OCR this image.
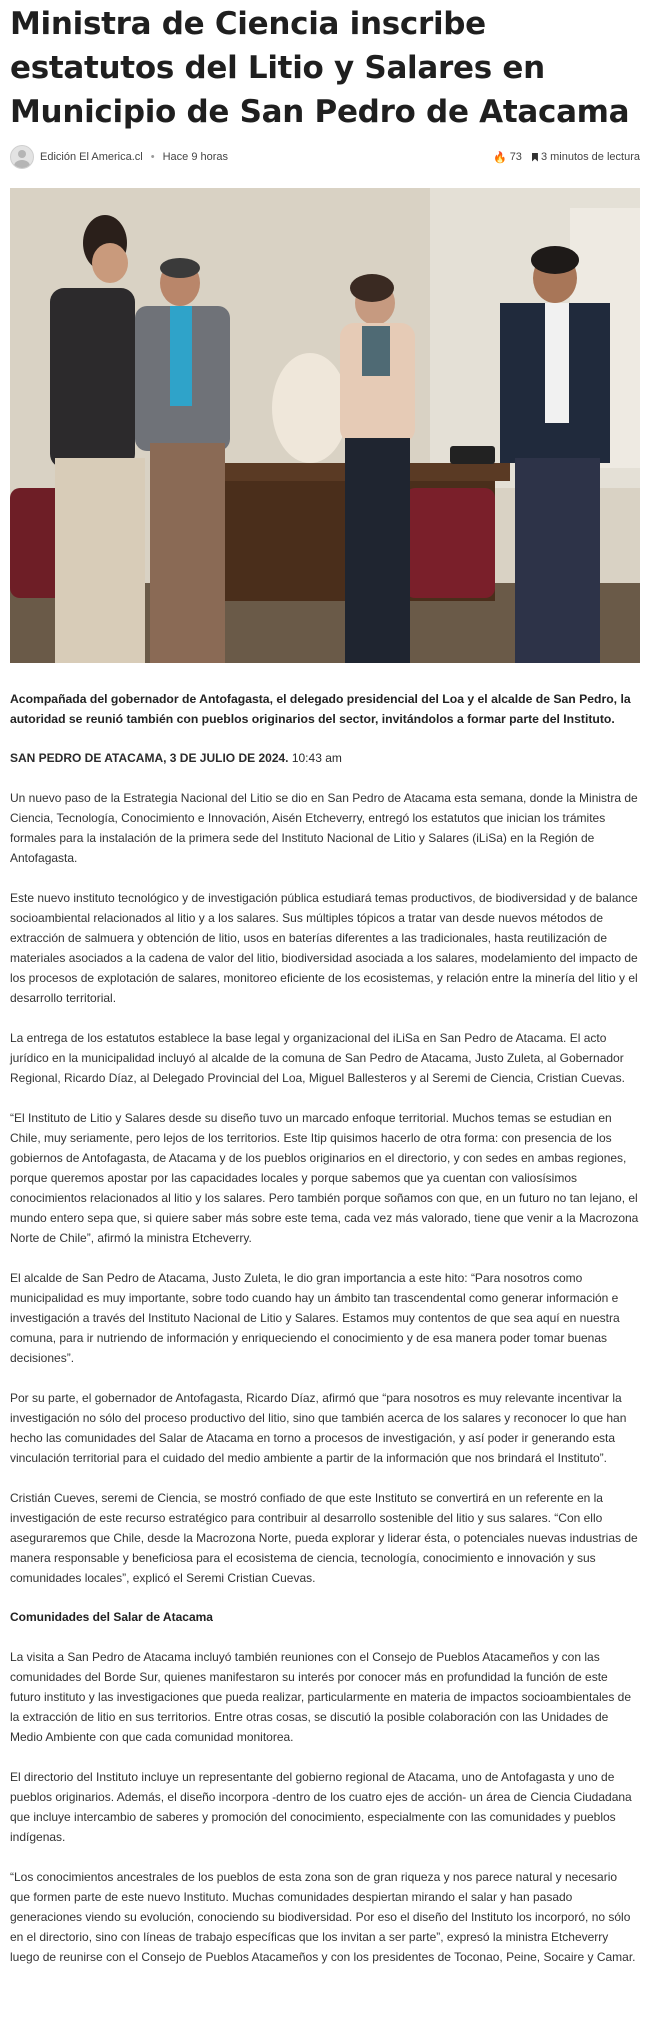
Ministra de Ciencia inscribe estatutos del Litio y Salares en Municipio de San Pedro de Atacama
Edición El America.cl • Hace 9 horas	🔥 73 3 minutos de lectura
Acompañada del gobernador de Antofagasta, el delegado presidencial del Loa y el alcalde de San Pedro, la autoridad se reunió también con pueblos originarios del sector, invitándolos a formar parte del Instituto.
SAN PEDRO DE ATACAMA, 3 DE JULIO DE 2024. 10:43 am

Un nuevo paso de la Estrategia Nacional del Litio se dio en San Pedro de Atacama esta semana, donde la Ministra de Ciencia, Tecnología, Conocimiento e Innovación, Aisén Etcheverry, entregó los estatutos que inician los trámites formales para la instalación de la primera sede del Instituto Nacional de Litio y Salares (iLiSa) en la Región de Antofagasta.

Este nuevo instituto tecnológico y de investigación pública estudiará temas productivos, de biodiversidad y de balance socioambiental relacionados al litio y a los salares. Sus múltiples tópicos a tratar van desde nuevos métodos de extracción de salmuera y obtención de litio, usos en baterías diferentes a las tradicionales, hasta reutilización de materiales asociados a la cadena de valor del litio, biodiversidad asociada a los salares, modelamiento del impacto de los procesos de explotación de salares, monitoreo eficiente de los ecosistemas, y relación entre la minería del litio y el desarrollo territorial.

La entrega de los estatutos establece la base legal y organizacional del iLiSa en San Pedro de Atacama. El acto jurídico en la municipalidad incluyó al alcalde de la comuna de San Pedro de Atacama, Justo Zuleta, al Gobernador Regional, Ricardo Díaz, al Delegado Provincial del Loa, Miguel Ballesteros y al Seremi de Ciencia, Cristian Cuevas.

“El Instituto de Litio y Salares desde su diseño tuvo un marcado enfoque territorial. Muchos temas se estudian en Chile, muy seriamente, pero lejos de los territorios. Este Itip quisimos hacerlo de otra forma: con presencia de los gobiernos de Antofagasta, de Atacama y de los pueblos originarios en el directorio, y con sedes en ambas regiones, porque queremos apostar por las capacidades locales y porque sabemos que ya cuentan con valiosísimos conocimientos relacionados al litio y los salares. Pero también porque soñamos con que, en un futuro no tan lejano, el mundo entero sepa que, si quiere saber más sobre este tema, cada vez más valorado, tiene que venir a la Macrozona Norte de Chile”, afirmó la ministra Etcheverry.

El alcalde de San Pedro de Atacama, Justo Zuleta, le dio gran importancia a este hito: “Para nosotros como municipalidad es muy importante, sobre todo cuando hay un ámbito tan trascendental como generar información e investigación a través del Instituto Nacional de Litio y Salares. Estamos muy contentos de que sea aquí en nuestra comuna, para ir nutriendo de información y enriqueciendo el conocimiento y de esa manera poder tomar buenas decisiones”.

Por su parte, el gobernador de Antofagasta, Ricardo Díaz, afirmó que “para nosotros es muy relevante incentivar la investigación no sólo del proceso productivo del litio, sino que también acerca de los salares y reconocer lo que han hecho las comunidades del Salar de Atacama en torno a procesos de investigación, y así poder ir generando esta vinculación territorial para el cuidado del medio ambiente a partir de la información que nos brindará el Instituto”.

Cristián Cueves, seremi de Ciencia, se mostró confiado de que este Instituto se convertirá en un referente en la investigación de este recurso estratégico para contribuir al desarrollo sostenible del litio y sus salares. “Con ello aseguraremos que Chile, desde la Macrozona Norte, pueda explorar y liderar ésta, o potenciales nuevas industrias de manera responsable y beneficiosa para el ecosistema de ciencia, tecnología, conocimiento e innovación y sus comunidades locales”, explicó el Seremi Cristian Cuevas.

Comunidades del Salar de Atacama

La visita a San Pedro de Atacama incluyó también reuniones con el Consejo de Pueblos Atacameños y con las comunidades del Borde Sur, quienes manifestaron su interés por conocer más en profundidad la función de este futuro instituto y las investigaciones que pueda realizar, particularmente en materia de impactos socioambientales de la extracción de litio en sus territorios. Entre otras cosas, se discutió la posible colaboración con las Unidades de Medio Ambiente con que cada comunidad monitorea.

El directorio del Instituto incluye un representante del gobierno regional de Atacama, uno de Antofagasta y uno de pueblos originarios. Además, el diseño incorpora -dentro de los cuatro ejes de acción- un área de Ciencia Ciudadana que incluye intercambio de saberes y promoción del conocimiento, especialmente con las comunidades y pueblos indígenas.

“Los conocimientos ancestrales de los pueblos de esta zona son de gran riqueza y nos parece natural y necesario que formen parte de este nuevo Instituto. Muchas comunidades despiertan mirando el salar y han pasado generaciones viendo su evolución, conociendo su biodiversidad. Por eso el diseño del Instituto los incorporó, no sólo en el directorio, sino con líneas de trabajo específicas que los invitan a ser parte”, expresó la ministra Etcheverry luego de reunirse con el Consejo de Pueblos Atacameños y con los presidentes de Toconao, Peine, Socaire y Camar.
